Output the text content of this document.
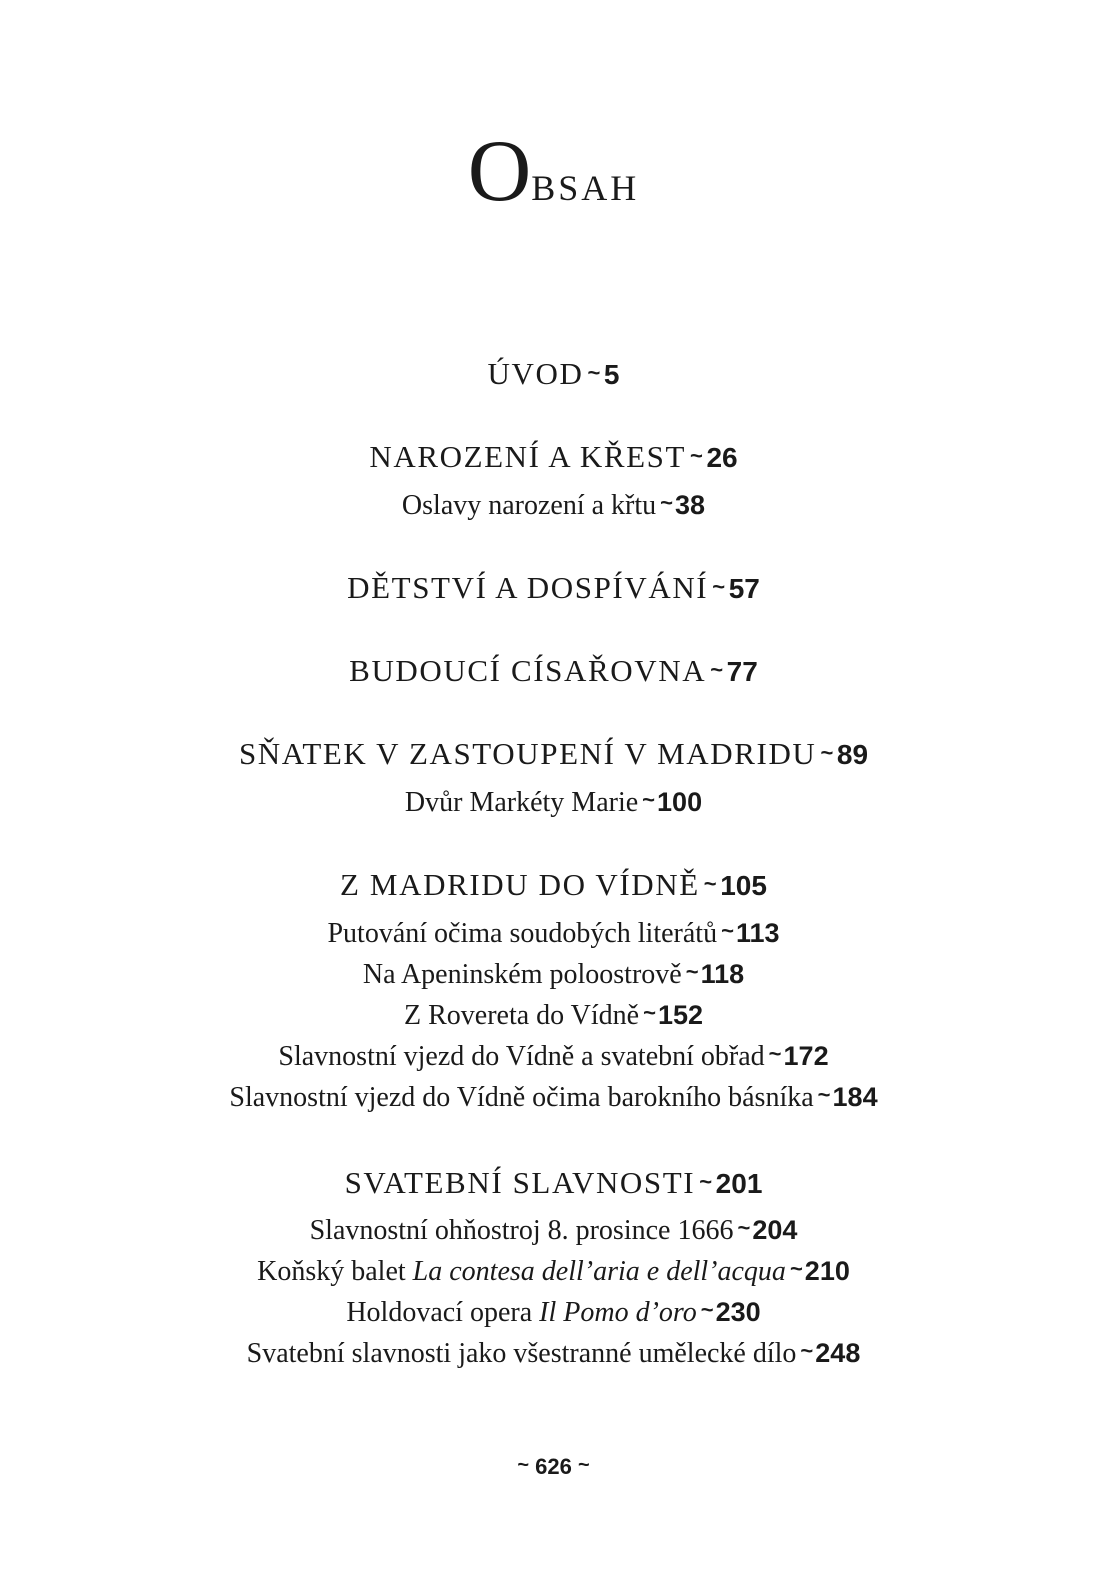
OBSAH
ÚVOD ~5
NAROZENÍ A KŘEST ~26
Oslavy narození a křtu ~38
DĚTSTVÍ A DOSPÍVÁNÍ ~57
BUDOUCÍ CÍSAŘOVNA ~77
SŇATEK V ZASTOUPENÍ V MADRIDU ~89
Dvůr Markéty Marie ~100
Z MADRIDU DO VÍDNĚ ~105
Putování očima soudobých literátů ~113
Na Apeninském poloostrově ~118
Z Rovereta do Vídně ~152
Slavnostní vjezd do Vídně a svatební obřad ~172
Slavnostní vjezd do Vídně očima barokního básníka ~184
SVATEBNÍ SLAVNOSTI ~201
Slavnostní ohňostroj 8. prosince 1666 ~204
Koňský balet La contesa dell’aria e dell’acqua ~210
Holdovací opera Il Pomo d’oro ~230
Svatební slavnosti jako všestranné umělecké dílo ~248
~ 626 ~
